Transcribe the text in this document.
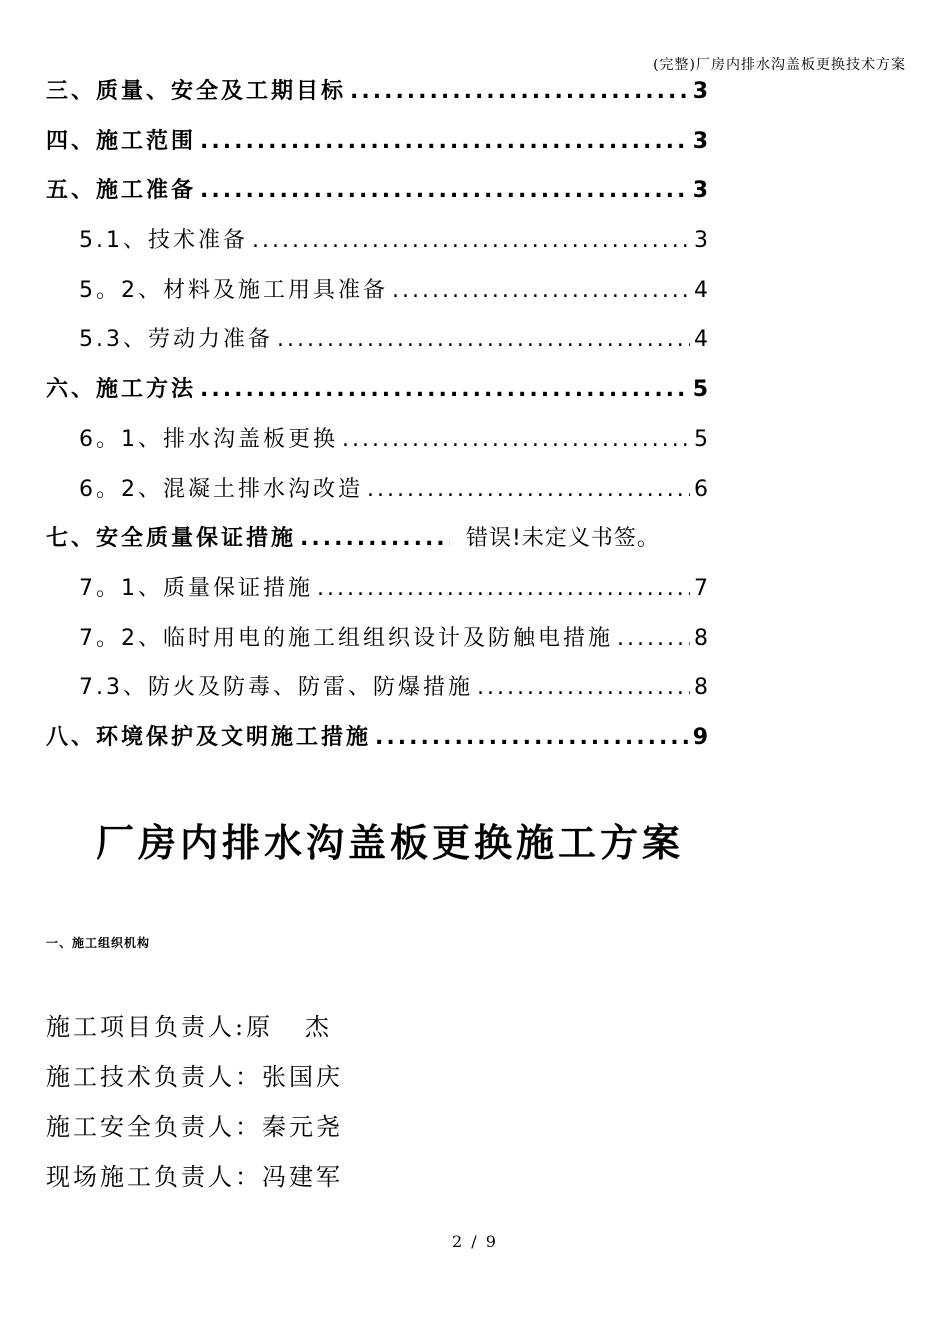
(完整)厂房内排水沟盖板更换技术方案
三、质量、安全及工期目标 .....	3
四、施工范围 .....	3
五、施工准备 .....	3
5.1、技术准备 .....	3
5。2、材料及施工用具准备 .....	4
5.3、劳动力准备 .....	4
六、施工方法 .....	5
6。1、排水沟盖板更换 .....	5
6。2、混凝土排水沟改造 .....	6
七、安全质量保证措施 .....	错误!未定义书签。
7。1、质量保证措施 .....	7
7。2、临时用电的施工组组织设计及防触电措施 .....	8
7.3、防火及防毒、防雷、防爆措施 .....	8
八、环境保护及文明施工措施 .....	9
厂房内排水沟盖板更换施工方案
一、施工组织机构
施工项目负责人:原   杰
施工技术负责人：张国庆
施工安全负责人：秦元尧
现场施工负责人：冯建军
2 / 9
